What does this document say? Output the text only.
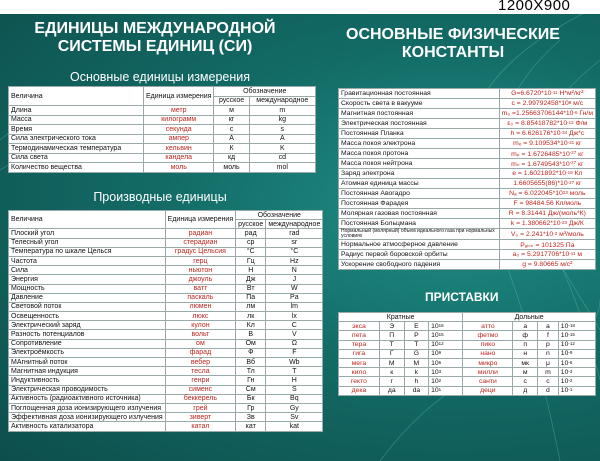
1200X900
ЕДИНИЦЫ МЕЖДУНАРОДНОЙ
СИСТЕМЫ ЕДИНИЦ (СИ)
ОСНОВНЫЕ ФИЗИЧЕСКИЕ
КОНСТАНТЫ
Основные единицы измерения
Величина	Единица измерения	Обозначение	
		русское	международное
Длина	метр	м	m
Масса	килограмм	кг	kg
Время	секунда	с	s
Сила электрического тока	ампер	А	A
Термодинамическая температура	кельвин	К	K
Сила света	кандела	кд	cd
Количество вещества	моль	моль	mol
Производные единицы
Величина	Единица измерения	Обозначение	
		русское	международное
Плоский угол	радиан	рад	rad
Телесный угол	стерадиан	ср	sr
Температура по шкале Целься	градус Цельсия	°С	°C
Частота	герц	Гц	Hz
Сила	ньютон	Н	N
Энергия	джоуль	Дж	J
Мощность	ватт	Вт	W
Давление	паскаль	Па	Pa
Световой поток	люмен	лм	lm
Освещенность	люкс	лк	lx
Электрический заряд	кулон	Кл	C
Разность потенциалов	вольт	В	V
Сопротивление	ом	Ом	Ω
Электроёмкость	фарад	Ф	F
МАгнитный поток	вебер	Вб	Wb
Магнитная индукция	тесла	Тл	T
Индуктивность	генри	Гн	H
Электрическая проводимость	сименс	См	S
Активность (радиоактивного источника)	беккерель	Бк	Bq
Поглощенная доза ионизирующего излучения	грей	Гр	Gy
Эффективная доза ионизирующего излучения	зиверт	Зв	Sv
Активность катализатора	катал	кат	kat
Гравитационная постоянная	$G=6.6720*10^{-11}$ Н*м²/кг²
Скорость света в вакууме	$c = 2.99792458*10^8$ м/с
Магнитная постоянная	$m_0 =1.25663706144*10^{-6}$ Гн/м
Электрическая постоянная	$\varepsilon_0 = 8.85418782*10^{-12}$ Ф/м
Постоянная Планка	$h = 6.626176*10^{-34}$ Дж*с
Масса покоя электрона	$m_e = 9.109534*10^{-31}$ кг
Масса покоя протона	$m_p = 1.6726485*10^{-27}$ кг
Масса покоя нейтрона	$m_n = 1.6749543*10^{-27}$ кг
Заряд электрона	$e = 1.6021892*10^{-19}$ Кл
Атомная единица массы	$1.6605655(86)*10^{-27}$ кг
Постоянная Авогадро	$N_a = 6.022045*10^{23}$ моль
Постоянная Фарадея	F = 98484.56 Кл/моль
Молярная газовая постоянная	R = 8.31441 Дж/(моль*К)
Постоянная Больцмана	$k = 1.380662*10^{-23}$ Дж/К
Нормальный (молярный) объем идеального газа при нормальных условиях	$V_0 = 2.241*10^{-2}$ м³/моль
Нормальное атмосферное давление	Pₐₜₘ = 101325 Па
Радиус первой боровской орбиты	$a_0 = 5.2917706*10^{-11}$ м
Ускорение свободного падения	g = 9.80665 м/с²
ПРИСТАВКИ
Кратные				Дольные			
экса	Э	E	$10^{18}$	атто	а	a	$10^{-18}$
пета	П	P	$10^{15}$	фетмо	ф	f	$10^{-15}$
тера	Т	T	$10^{12}$	пико	п	p	$10^{-12}$
гига	Г	G	$10^9$	нано	н	n	$10^{-9}$
мега	М	M	$10^6$	микро	мк	μ	$10^{-6}$
кило	к	k	$10^3$	милли	м	m	$10^{-3}$
гекто	г	h	$10^2$	санти	с	c	$10^{-2}$
дека	да	da	$10^1$	деци	д	d	$10^{-1}$
